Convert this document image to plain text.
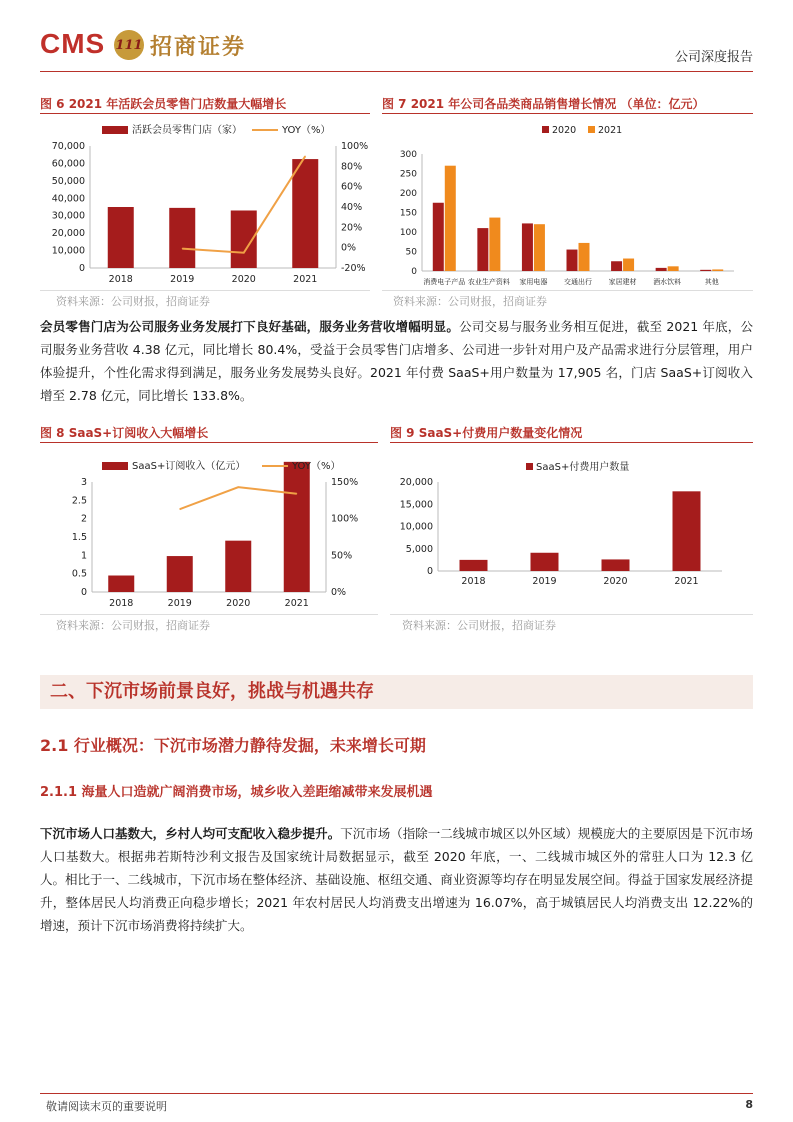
CMS 111 招商证券	公司深度报告
图 6 2021 年活跃会员零售门店数量大幅增长	图 7 2021 年公司各品类商品销售增长情况 （单位：亿元）
0
10,000
20,000
30,000
40,000
50,000
60,000
70,000
-20%
0%
20%
40%
60%
80%
100%
2018	2019	2020	2021
活跃会员零售门店（家）	YOY（%）
0
50
100
150
200
250
300
消费电子产品 农业生产资料 家用电器 交通出行 家居建材 酒水饮料	其他
2020 2021
资料来源：公司财报，招商证券	资料来源：公司财报，招商证券
会员零售门店为公司服务业务发展打下良好基础，服务业务营收增幅明显。公司交易与服务业务相互促进，截至 2021 年底，公司服务业务营收 4.38 亿元，同比增长 80.4%，受益于会员零售门店增多、公司进一步针对用户及产品需求进行分层管理，用户体验提升，个性化需求得到满足，服务业务发展势头良好。2021 年付费 SaaS+用户数量为 17,905 名，门店 SaaS+订阅收入增至 2.78 亿元，同比增长 133.8%。
图 8 SaaS+订阅收入大幅增长	图 9 SaaS+付费用户数量变化情况
0
0.5
1
1.5
2
2.5
3
0%
50%
100%
150%
2018	2019	2020	2021
SaaS+订阅收入（亿元）	YOY（%）
0
5,000
10,000
15,000
20,000
2018	2019	2020	2021
SaaS+付费用户数量
资料来源：公司财报，招商证券	资料来源：公司财报，招商证券
二、下沉市场前景良好，挑战与机遇共存
2.1 行业概况：下沉市场潜力静待发掘，未来增长可期
2.1.1 海量人口造就广阔消费市场，城乡收入差距缩减带来发展机遇
下沉市场人口基数大，乡村人均可支配收入稳步提升。下沉市场（指除一二线城市城区以外区域）规模庞大的主要原因是下沉市场人口基数大。根据弗若斯特沙利文报告及国家统计局数据显示，截至 2020 年底，一、二线城市城区外的常驻人口为 12.3 亿人。相比于一、二线城市，下沉市场在整体经济、基础设施、枢纽交通、商业资源等均存在明显发展空间。得益于国家发展经济提升，整体居民人均消费正向稳步增长；2021 年农村居民人均消费支出增速为 16.07%，高于城镇居民人均消费支出 12.22%的增速，预计下沉市场消费将持续扩大。
敬请阅读末页的重要说明	8
